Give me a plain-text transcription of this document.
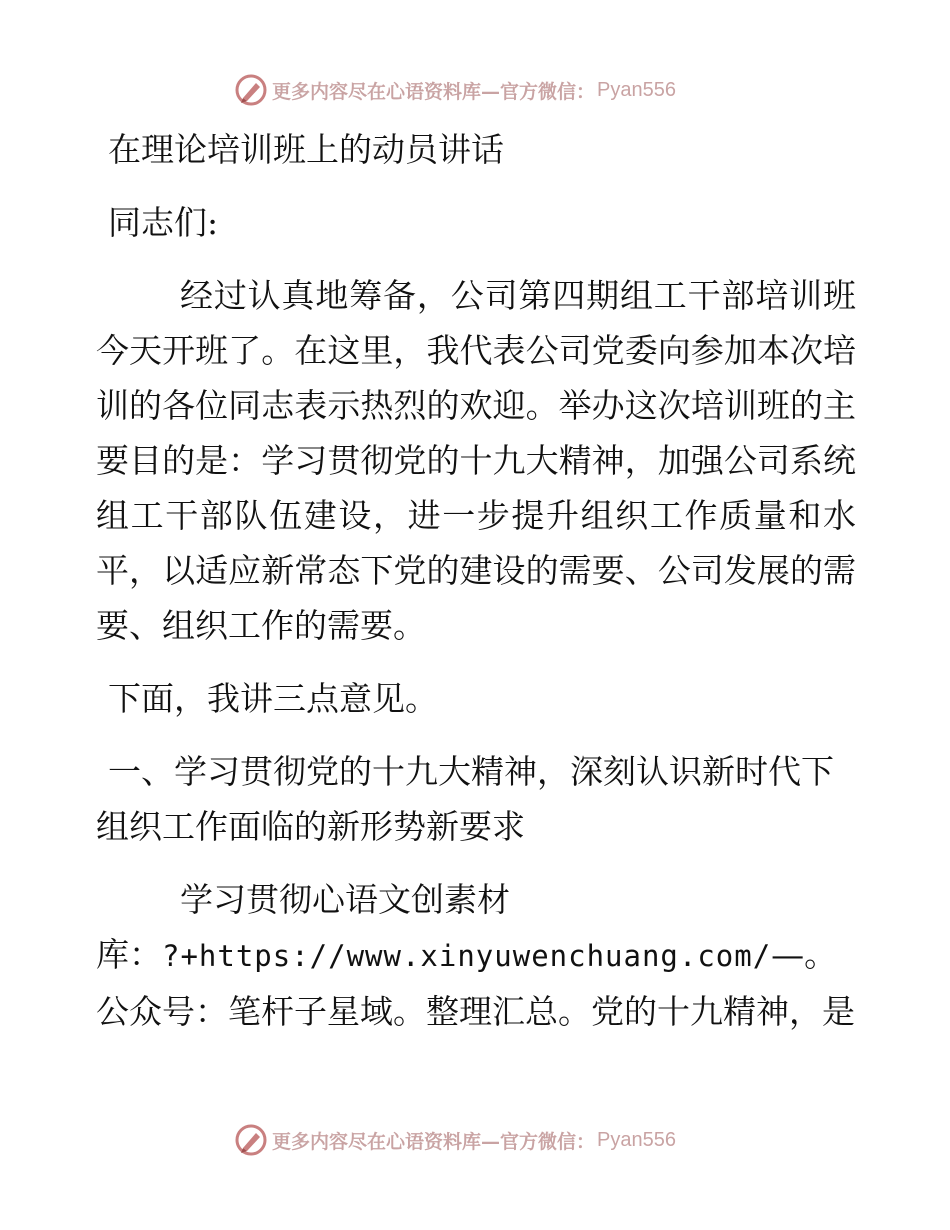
更多内容尽在心语资料库—官方微信： Pyan556

在理论培训班上的动员讲话

同志们:

经过认真地筹备，公司第四期组工干部培训班今天开班了。在这里，我代表公司党委向参加本次培训的各位同志表示热烈的欢迎。举办这次培训班的主要目的是：学习贯彻党的十九大精神，加强公司系统组工干部队伍建设，进一步提升组织工作质量和水平，以适应新常态下党的建设的需要、公司发展的需要、组织工作的需要。

下面，我讲三点意见。

一、学习贯彻党的十九大精神，深刻认识新时代下组织工作面临的新形势新要求

学习贯彻心语文创素材
库：?+https://www.xinyuwenchuang.com/—。公众号：笔杆子星域。整理汇总。党的十九精神，是

更多内容尽在心语资料库—官方微信： Pyan556
